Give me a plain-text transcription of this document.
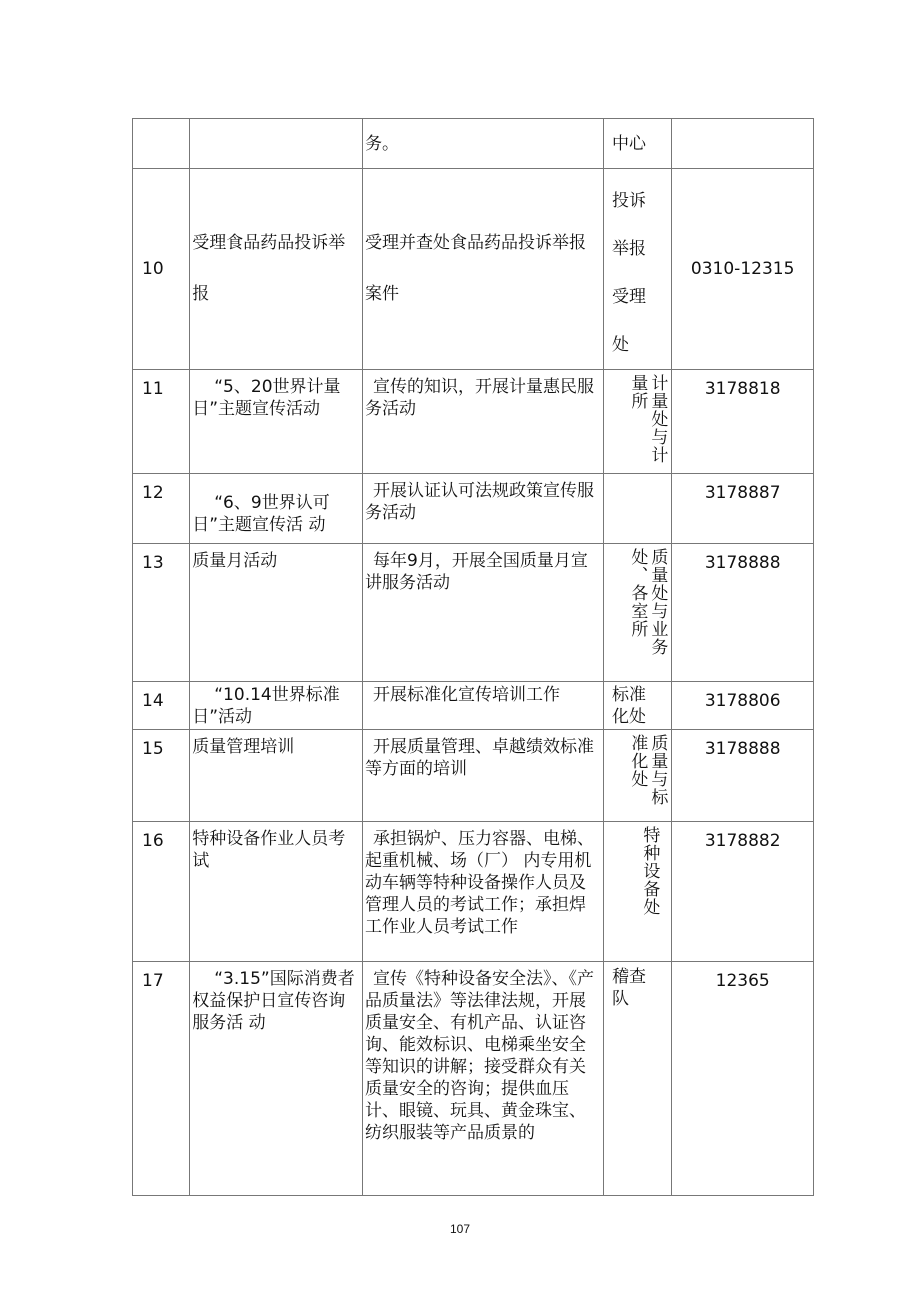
		务。	中心	

10	受理食品药品投诉举报	受理并查处食品药品投诉举报案件	投诉举报受理处	0310-12315

11	“5、20世界计量日”主题宣传活动	宣传的知识，开展计量惠民服务活动	计量处与计量所	3178818

12	“6、9世界认可日”主题宣传活 动	开展认证认可法规政策宣传服务活动		3178887

13	质量月活动	每年9月，开展全国质量月宣讲服务活动	质量处与业务处、各室所	3178888

14	“10.14世界标准日”活动	开展标准化宣传培训工作	标准化处	3178806

15	质量管理培训	开展质量管理、卓越绩效标准等方面的培训	质量与标准化处	3178888

16	特种设备作业人员考试	承担锅炉、压力容器、电梯、起重机械、场（厂） 内专用机动车辆等特种设备操作人员及管理人员的考试工作；承担焊工作业人员考试工作	特种设备处	3178882

17	“3.15”国际消费者权益保护日宣传咨询服务活 动	宣传《特种设备安全法》、《产品质量法》等法律法规，开展质量安全、有机产品、认证咨询、能效标识、电梯乘坐安全等知识的讲解；接受群众有关质量安全的咨询；提供血压计、眼镜、玩具、黄金珠宝、纺织服装等产品质景的	稽查队	12365
107
